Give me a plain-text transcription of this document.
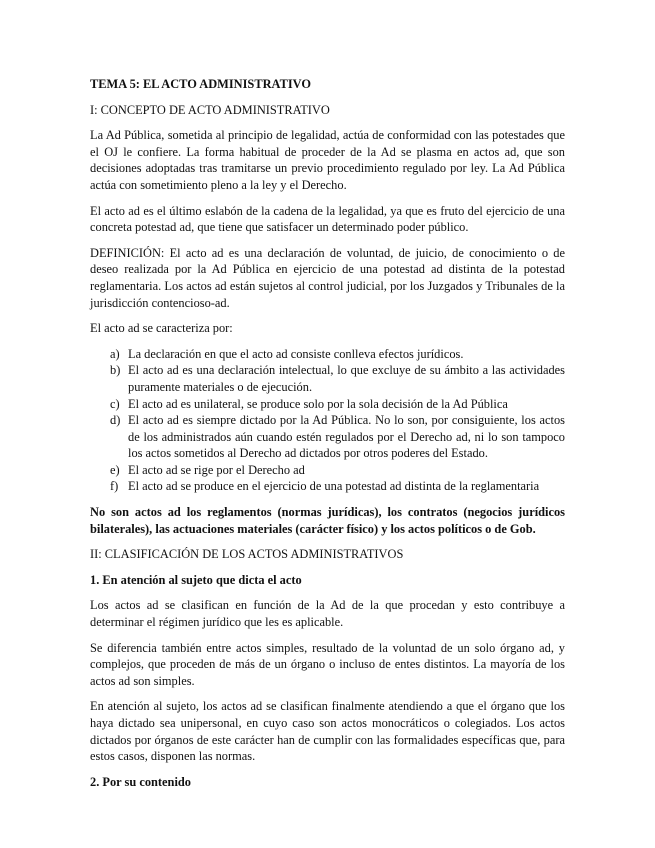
TEMA 5: EL ACTO ADMINISTRATIVO

I: CONCEPTO DE ACTO ADMINISTRATIVO

La Ad Pública, sometida al principio de legalidad, actúa de conformidad con las potestades que el OJ le confiere. La forma habitual de proceder de la Ad se plasma en actos ad, que son decisiones adoptadas tras tramitarse un previo procedimiento regulado por ley. La Ad Pública actúa con sometimiento pleno a la ley y el Derecho.

El acto ad es el último eslabón de la cadena de la legalidad, ya que es fruto del ejercicio de una concreta potestad ad, que tiene que satisfacer un determinado poder público.

DEFINICIÓN: El acto ad es una declaración de voluntad, de juicio, de conocimiento o de deseo realizada por la Ad Pública en ejercicio de una potestad ad distinta de la potestad reglamentaria. Los actos ad están sujetos al control judicial, por los Juzgados y Tribunales de la jurisdicción contencioso-ad.

El acto ad se caracteriza por:

a) La declaración en que el acto ad consiste conlleva efectos jurídicos.
b) El acto ad es una declaración intelectual, lo que excluye de su ámbito a las actividades puramente materiales o de ejecución.
c) El acto ad es unilateral, se produce solo por la sola decisión de la Ad Pública
d) El acto ad es siempre dictado por la Ad Pública. No lo son, por consiguiente, los actos de los administrados aún cuando estén regulados por el Derecho ad, ni lo son tampoco los actos sometidos al Derecho ad dictados por otros poderes del Estado.
e) El acto ad se rige por el Derecho ad
f) El acto ad se produce en el ejercicio de una potestad ad distinta de la reglamentaria

No son actos ad los reglamentos (normas jurídicas), los contratos (negocios jurídicos bilaterales), las actuaciones materiales (carácter físico) y los actos políticos o de Gob.

II: CLASIFICACIÓN DE LOS ACTOS ADMINISTRATIVOS

1. En atención al sujeto que dicta el acto

Los actos ad se clasifican en función de la Ad de la que procedan y esto contribuye a determinar el régimen jurídico que les es aplicable.

Se diferencia también entre actos simples, resultado de la voluntad de un solo órgano ad, y complejos, que proceden de más de un órgano o incluso de entes distintos. La mayoría de los actos ad son simples.

En atención al sujeto, los actos ad se clasifican finalmente atendiendo a que el órgano que los haya dictado sea unipersonal, en cuyo caso son actos monocráticos o colegiados. Los actos dictados por órganos de este carácter han de cumplir con las formalidades específicas que, para estos casos, disponen las normas.

2. Por su contenido
